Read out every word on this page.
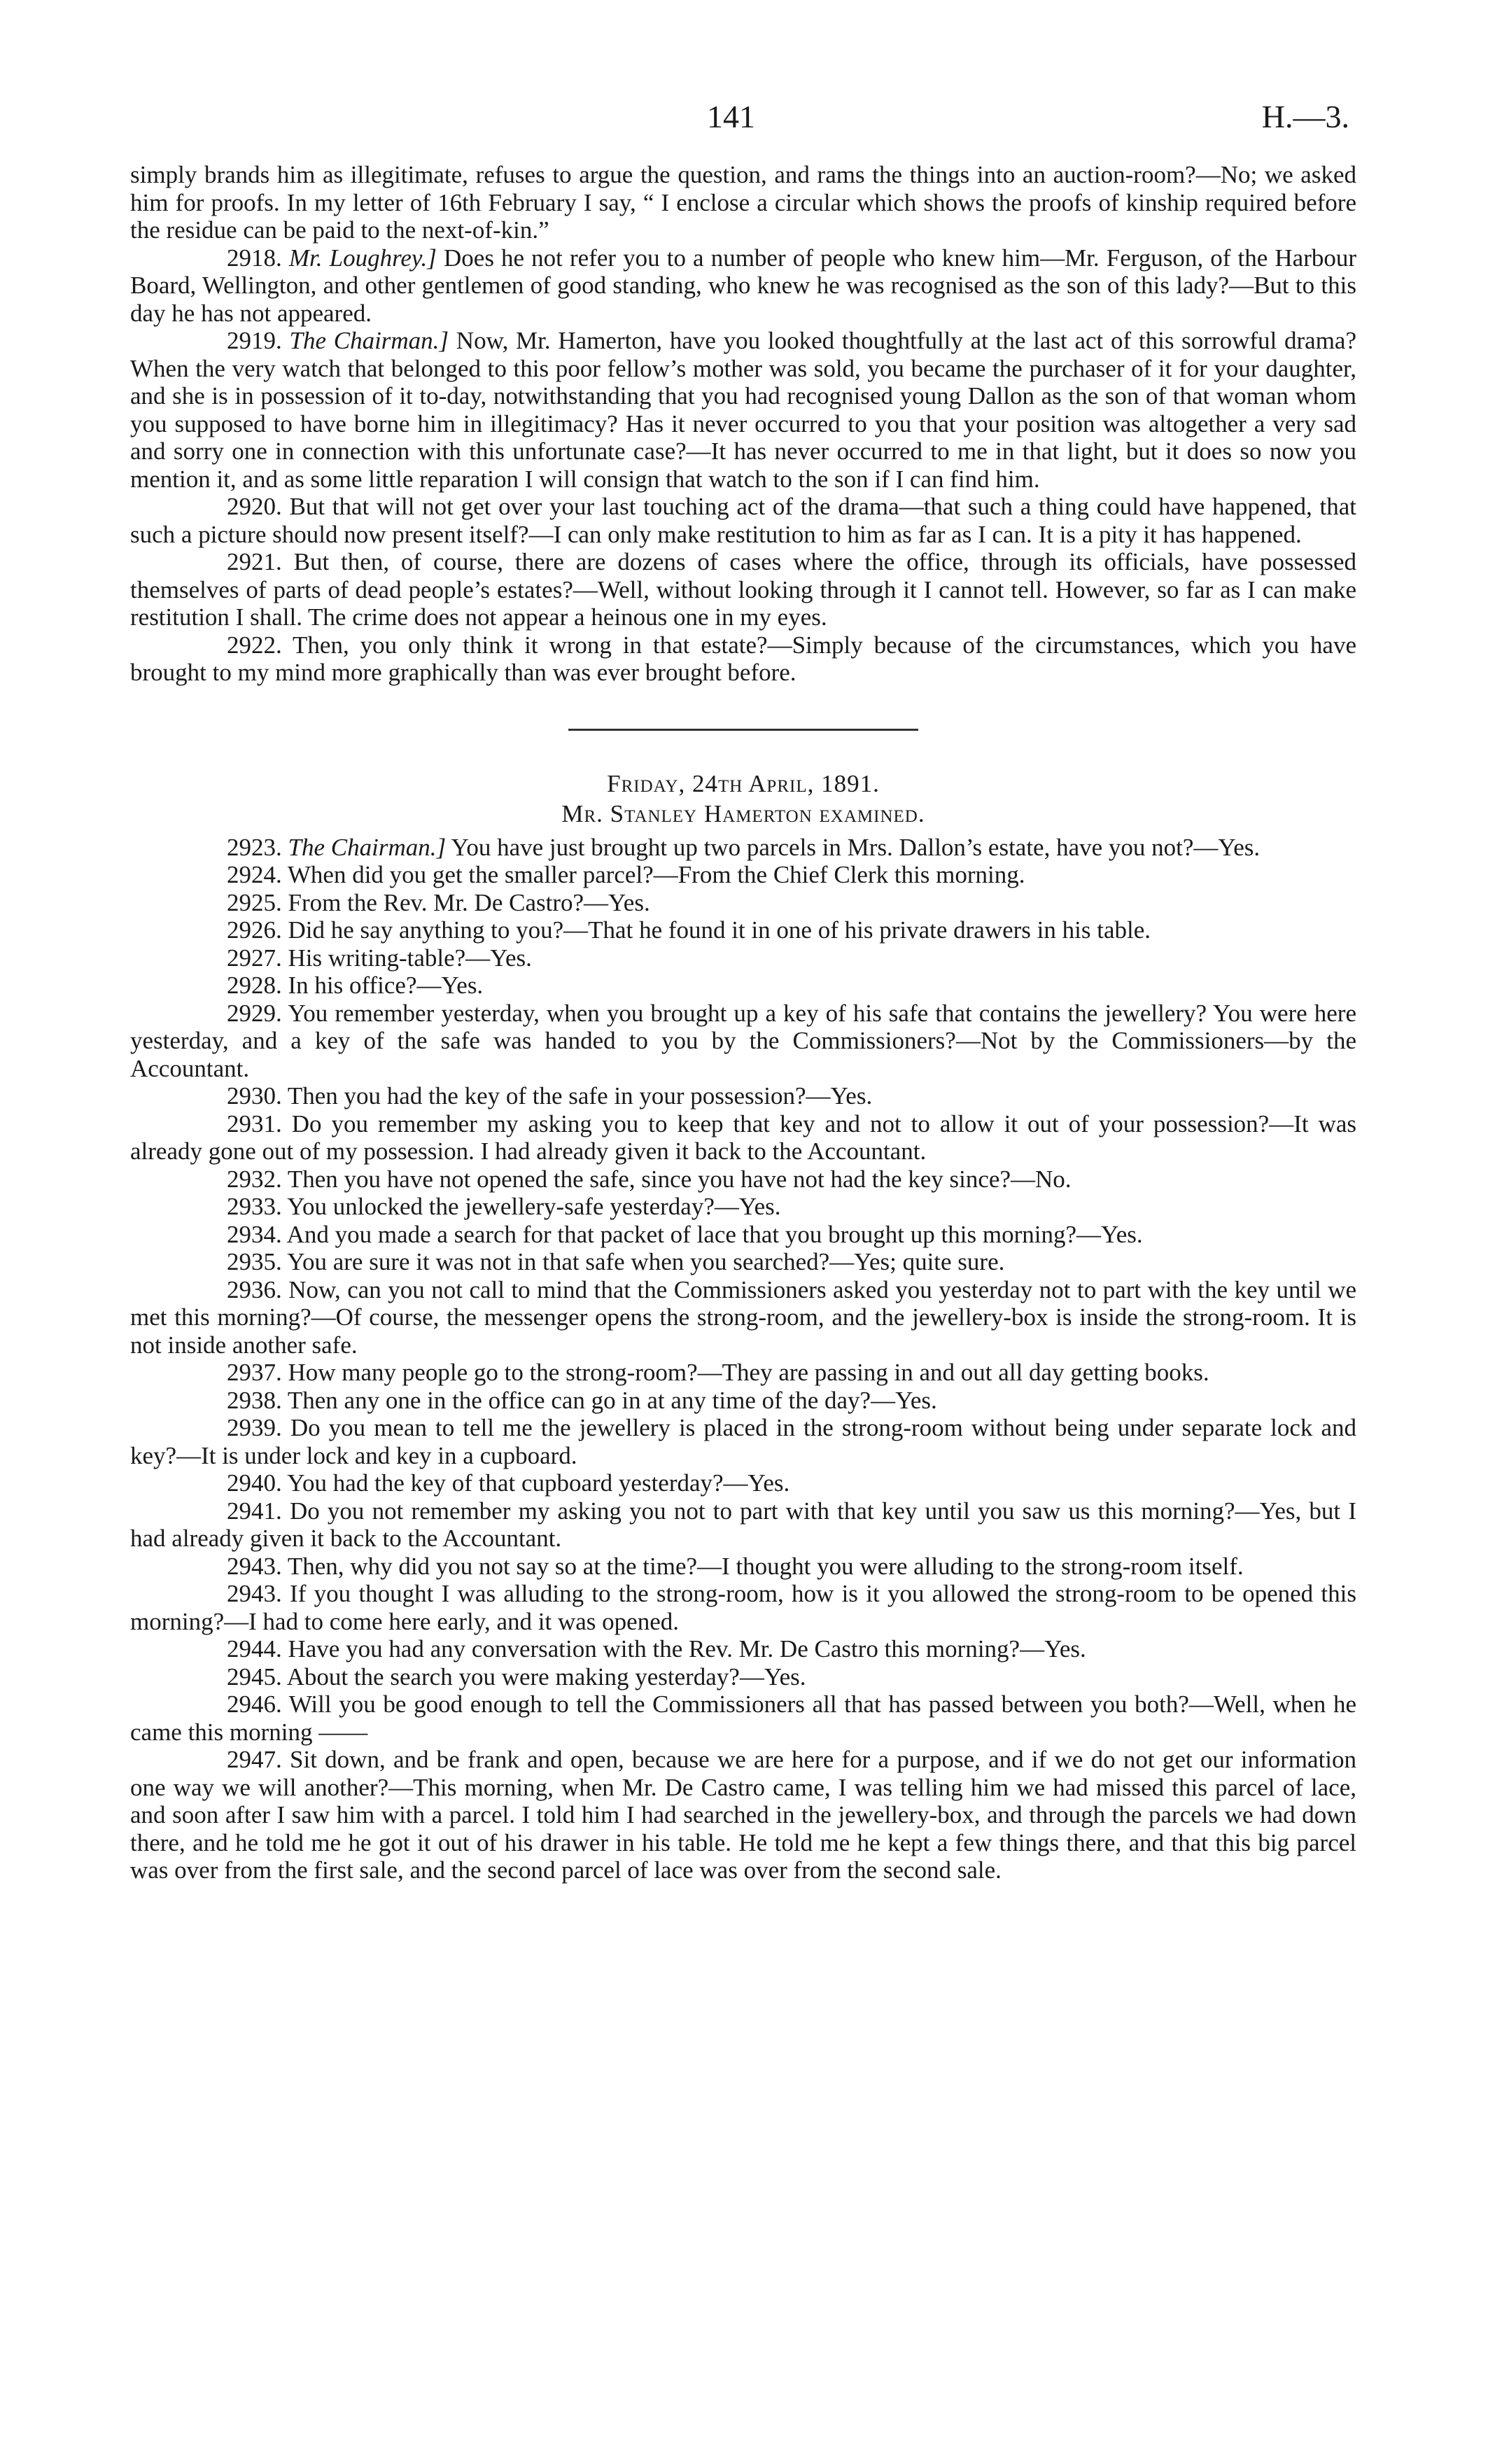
141	H.—3.

simply brands him as illegitimate, refuses to argue the question, and rams the things into an auction-room?—No; we asked him for proofs. In my letter of 16th February I say, “ I enclose a circular which shows the proofs of kinship required before the residue can be paid to the next-of-kin.”

2918. Mr. Loughrey.] Does he not refer you to a number of people who knew him—Mr. Ferguson, of the Harbour Board, Wellington, and other gentlemen of good standing, who knew he was recognised as the son of this lady?—But to this day he has not appeared.

2919. The Chairman.] Now, Mr. Hamerton, have you looked thoughtfully at the last act of this sorrowful drama? When the very watch that belonged to this poor fellow’s mother was sold, you became the purchaser of it for your daughter, and she is in possession of it to-day, notwithstanding that you had recognised young Dallon as the son of that woman whom you supposed to have borne him in illegitimacy? Has it never occurred to you that your position was altogether a very sad and sorry one in connection with this unfortunate case?—It has never occurred to me in that light, but it does so now you mention it, and as some little reparation I will consign that watch to the son if I can find him.

2920. But that will not get over your last touching act of the drama—that such a thing could have happened, that such a picture should now present itself?—I can only make restitution to him as far as I can. It is a pity it has happened.

2921. But then, of course, there are dozens of cases where the office, through its officials, have possessed themselves of parts of dead people’s estates?—Well, without looking through it I cannot tell. However, so far as I can make restitution I shall. The crime does not appear a heinous one in my eyes.

2922. Then, you only think it wrong in that estate?—Simply because of the circumstances, which you have brought to my mind more graphically than was ever brought before.

Friday, 24th April, 1891.

Mr. Stanley Hamerton examined.

2923. The Chairman.] You have just brought up two parcels in Mrs. Dallon’s estate, have you not?—Yes.

2924. When did you get the smaller parcel?—From the Chief Clerk this morning.

2925. From the Rev. Mr. De Castro?—Yes.

2926. Did he say anything to you?—That he found it in one of his private drawers in his table.

2927. His writing-table?—Yes.

2928. In his office?—Yes.

2929. You remember yesterday, when you brought up a key of his safe that contains the jewellery? You were here yesterday, and a key of the safe was handed to you by the Commissioners?—Not by the Commissioners—by the Accountant.

2930. Then you had the key of the safe in your possession?—Yes.

2931. Do you remember my asking you to keep that key and not to allow it out of your possession?—It was already gone out of my possession. I had already given it back to the Accountant.

2932. Then you have not opened the safe, since you have not had the key since?—No.

2933. You unlocked the jewellery-safe yesterday?—Yes.

2934. And you made a search for that packet of lace that you brought up this morning?—Yes.

2935. You are sure it was not in that safe when you searched?—Yes; quite sure.

2936. Now, can you not call to mind that the Commissioners asked you yesterday not to part with the key until we met this morning?—Of course, the messenger opens the strong-room, and the jewellery-box is inside the strong-room. It is not inside another safe.

2937. How many people go to the strong-room?—They are passing in and out all day getting books.

2938. Then any one in the office can go in at any time of the day?—Yes.

2939. Do you mean to tell me the jewellery is placed in the strong-room without being under separate lock and key?—It is under lock and key in a cupboard.

2940. You had the key of that cupboard yesterday?—Yes.

2941. Do you not remember my asking you not to part with that key until you saw us this morning?—Yes, but I had already given it back to the Accountant.

2943. Then, why did you not say so at the time?—I thought you were alluding to the strong-room itself.

2943. If you thought I was alluding to the strong-room, how is it you allowed the strong-room to be opened this morning?—I had to come here early, and it was opened.

2944. Have you had any conversation with the Rev. Mr. De Castro this morning?—Yes.

2945. About the search you were making yesterday?—Yes.

2946. Will you be good enough to tell the Commissioners all that has passed between you both?—Well, when he came this morning ——

2947. Sit down, and be frank and open, because we are here for a purpose, and if we do not get our information one way we will another?—This morning, when Mr. De Castro came, I was telling him we had missed this parcel of lace, and soon after I saw him with a parcel. I told him I had searched in the jewellery-box, and through the parcels we had down there, and he told me he got it out of his drawer in his table. He told me he kept a few things there, and that this big parcel was over from the first sale, and the second parcel of lace was over from the second sale.
